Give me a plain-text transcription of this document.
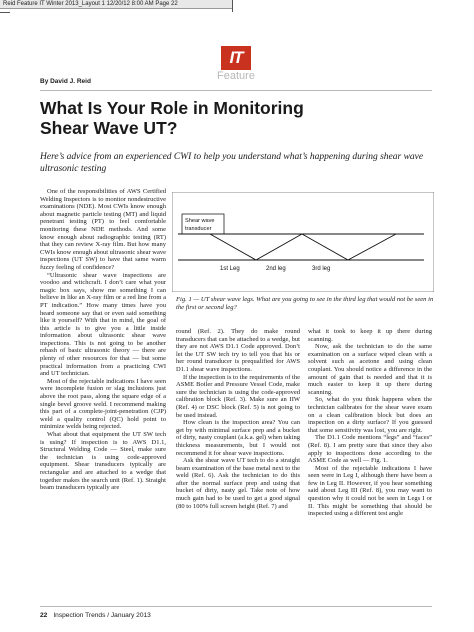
Reid Feature IT Winter 2013_Layout 1 12/20/12 8:00 AM Page 22
IT
Feature
By David J. Reid
What Is Your Role in Monitoring
Shear Wave UT?

Here’s advice from an experienced CWI to help you understand what’s happening during shear wave ultrasonic testing

One of the responsibilities of AWS Certified Welding Inspectors is to monitor nondestructive examinations (NDE). Most CWIs know enough about magnetic particle testing (MT) and liquid penetrant testing (PT) to feel comfortable monitoring these NDE methods. And some know enough about radiographic testing (RT) that they can review X-ray film. But how many CWIs know enough about ultrasonic shear wave inspections (UT SW) to have that same warm fuzzy feeling of confidence?

“Ultrasonic shear wave inspections are voodoo and witchcraft. I don’t care what your magic box says, show me something I can believe in like an X-ray film or a red line from a PT indication.” How many times have you heard someone say that or even said something like it yourself? With that in mind, the goal of this article is to give you a little inside information about ultrasonic shear wave inspections. This is not going to be another rehash of basic ultrasonic theory — there are plenty of other resources for that — but some practical information from a practicing CWI and UT technician.

Most of the rejectable indications I have seen were incomplete fusion or slag inclusions just above the root pass, along the square edge of a single bevel groove weld. I recommend making this part of a complete-joint-penetration (CJP) weld a quality control (QC) hold point to minimize welds being rejected.

What about that equipment the UT SW tech is using? If inspection is to AWS D1.1, Structural Welding Code — Steel, make sure the technician is using code-approved equipment. Shear transducers typically are rectangular and are attached to a wedge that together makes the search unit (Ref. 1). Straight beam transducers typically are

Shear wave
transducer
1st Leg	2nd leg	3rd leg

Fig. 1 — UT shear wave legs. What are you going to see in the third leg that would not be seen in the first or second leg?

round (Ref. 2). They do make round transducers that can be attached to a wedge, but they are not AWS D1.1 Code approved. Don’t let the UT SW tech try to tell you that his or her round transducer is prequalified for AWS D1.1 shear wave inspections.

If the inspection is to the requirements of the ASME Boiler and Pressure Vessel Code, make sure the technician is using the code-approved calibration block (Ref. 3). Make sure an IIW (Ref. 4) or DSC block (Ref. 5) is not going to be used instead.

How clean is the inspection area? You can get by with minimal surface prep and a bucket of dirty, nasty couplant (a.k.a. gel) when taking thickness measurements, but I would not recommend it for shear wave inspections.

Ask the shear wave UT tech to do a straight beam examination of the base metal next to the weld (Ref. 6). Ask the technician to do this after the normal surface prep and using that bucket of dirty, nasty gel. Take note of how much gain had to be used to get a good signal (80 to 100% full screen height (Ref. 7) and

what it took to keep it up there during scanning.

Now, ask the technician to do the same examination on a surface wiped clean with a solvent such as acetone and using clean couplant. You should notice a difference in the amount of gain that is needed and that it is much easier to keep it up there during scanning.

So, what do you think happens when the technician calibrates for the shear wave exam on a clean calibration block but does an inspection on a dirty surface? If you guessed that some sensitivity was lost, you are right.

The D1.1 Code mentions “legs” and “faces” (Ref. 8). I am pretty sure that since they also apply to inspections done according to the ASME Code as well — Fig. 1.

Most of the rejectable indications I have seen were in Leg I, although there have been a few in Leg II. However, if you hear something said about Leg III (Ref. 8), you may want to question why it could not be seen in Legs I or II. This might be something that should be inspected using a different test angle

22 Inspection Trends / January 2013
